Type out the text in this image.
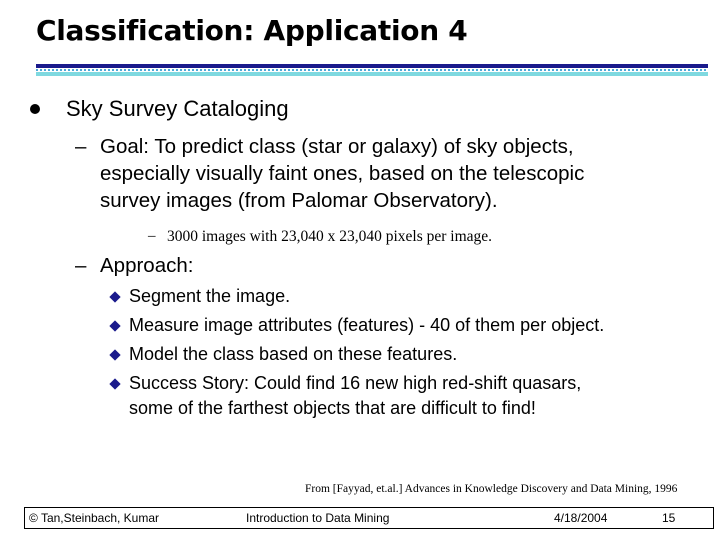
Classification: Application 4
Sky Survey Cataloging
– Goal: To predict class (star or galaxy) of sky objects,
especially visually faint ones, based on the telescopic
survey images (from Palomar Observatory).
– 3000 images with 23,040 x 23,040 pixels per image.
– Approach:
Segment the image.
Measure image attributes (features) - 40 of them per object.
Model the class based on these features.
Success Story: Could find 16 new high red-shift quasars,
some of the farthest objects that are difficult to find!
From [Fayyad, et.al.] Advances in Knowledge Discovery and Data Mining, 1996
© Tan,Steinbach, Kumar	Introduction to Data Mining	4/18/2004	15
